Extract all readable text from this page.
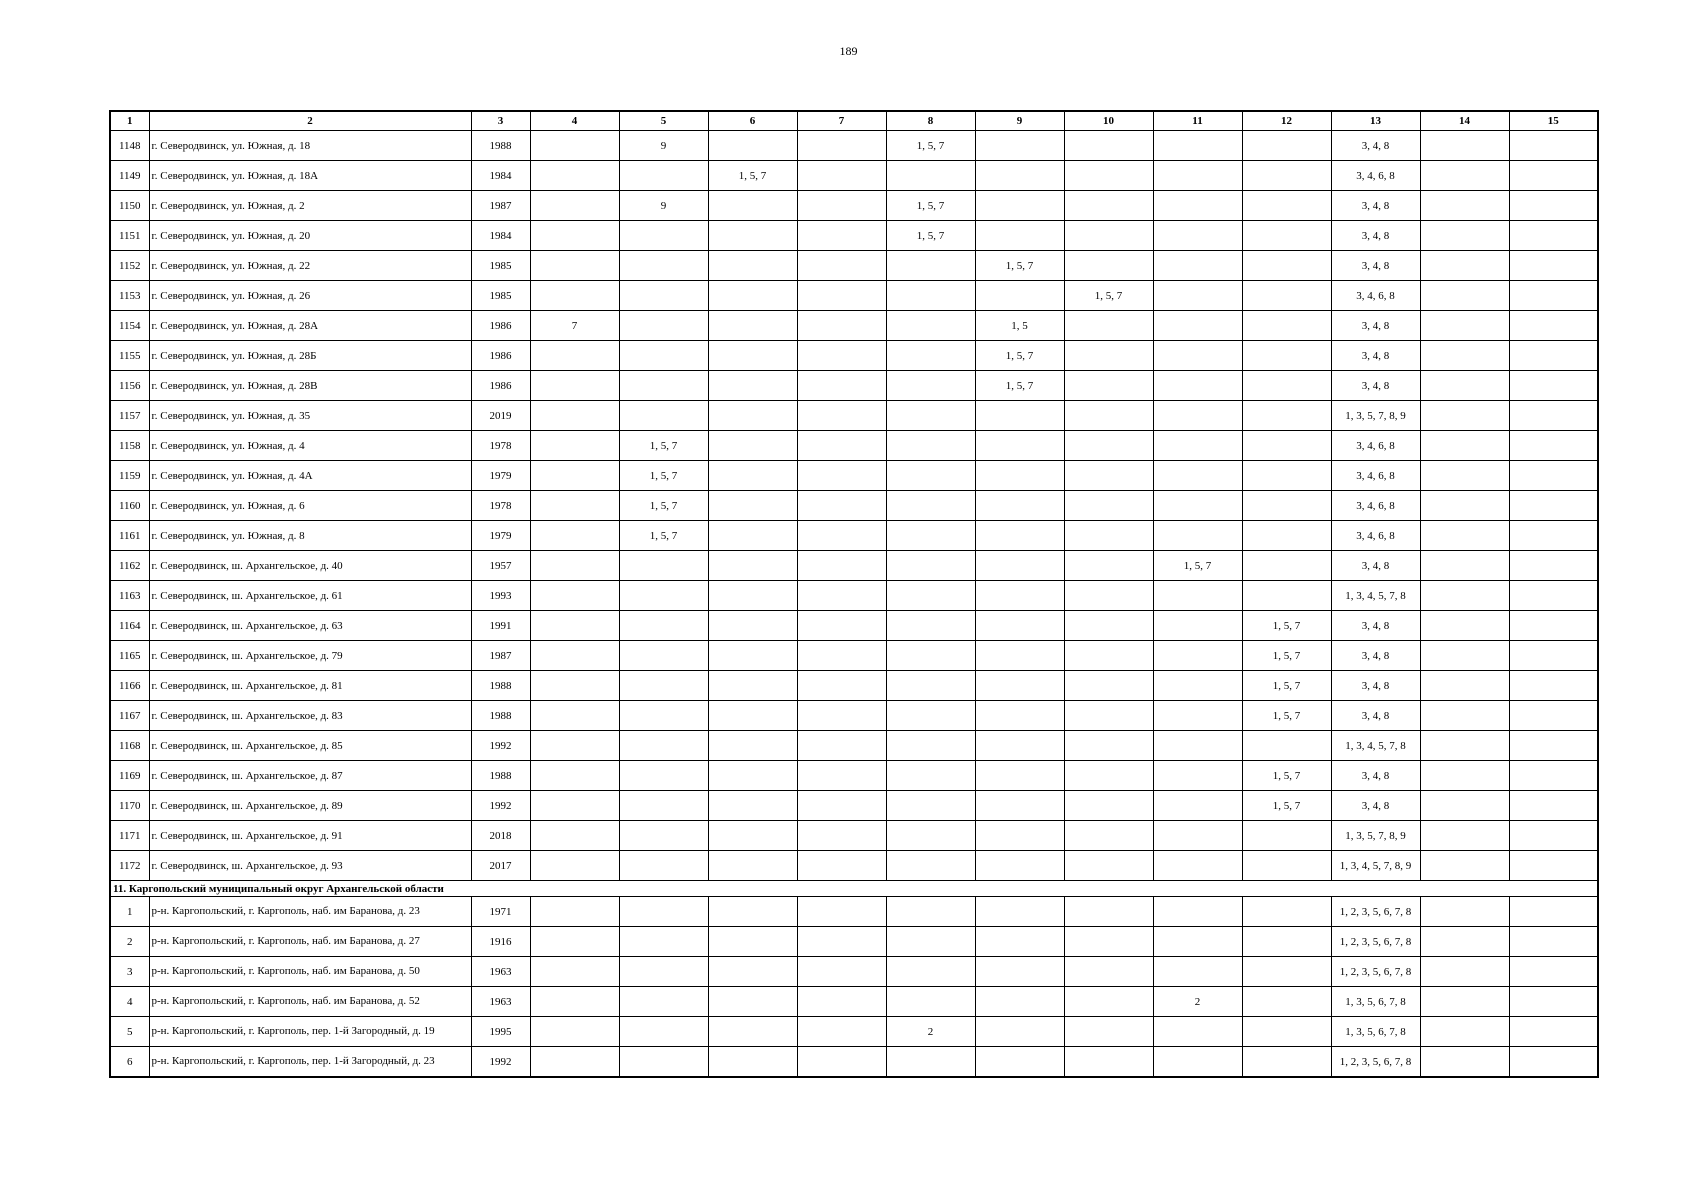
189
1	2	3	4	5	6	7	8	9	10	11	12	13	14	15
1148	г. Северодвинск, ул. Южная, д. 18	1988		9			1, 5, 7					3, 4, 8		
1149	г. Северодвинск, ул. Южная, д. 18А	1984			1, 5, 7							3, 4, 6, 8		
1150	г. Северодвинск, ул. Южная, д. 2	1987		9			1, 5, 7					3, 4, 8		
1151	г. Северодвинск, ул. Южная, д. 20	1984					1, 5, 7					3, 4, 8		
1152	г. Северодвинск, ул. Южная, д. 22	1985						1, 5, 7				3, 4, 8		
1153	г. Северодвинск, ул. Южная, д. 26	1985							1, 5, 7			3, 4, 6, 8		
1154	г. Северодвинск, ул. Южная, д. 28А	1986	7					1, 5				3, 4, 8		
1155	г. Северодвинск, ул. Южная, д. 28Б	1986						1, 5, 7				3, 4, 8		
1156	г. Северодвинск, ул. Южная, д. 28В	1986						1, 5, 7				3, 4, 8		
1157	г. Северодвинск, ул. Южная, д. 35	2019										1, 3, 5, 7, 8, 9		
1158	г. Северодвинск, ул. Южная, д. 4	1978		1, 5, 7								3, 4, 6, 8		
1159	г. Северодвинск, ул. Южная, д. 4А	1979		1, 5, 7								3, 4, 6, 8		
1160	г. Северодвинск, ул. Южная, д. 6	1978		1, 5, 7								3, 4, 6, 8		
1161	г. Северодвинск, ул. Южная, д. 8	1979		1, 5, 7								3, 4, 6, 8		
1162	г. Северодвинск, ш. Архангельское, д. 40	1957								1, 5, 7		3, 4, 8		
1163	г. Северодвинск, ш. Архангельское, д. 61	1993										1, 3, 4, 5, 7, 8		
1164	г. Северодвинск, ш. Архангельское, д. 63	1991									1, 5, 7	3, 4, 8		
1165	г. Северодвинск, ш. Архангельское, д. 79	1987									1, 5, 7	3, 4, 8		
1166	г. Северодвинск, ш. Архангельское, д. 81	1988									1, 5, 7	3, 4, 8		
1167	г. Северодвинск, ш. Архангельское, д. 83	1988									1, 5, 7	3, 4, 8		
1168	г. Северодвинск, ш. Архангельское, д. 85	1992										1, 3, 4, 5, 7, 8		
1169	г. Северодвинск, ш. Архангельское, д. 87	1988									1, 5, 7	3, 4, 8		
1170	г. Северодвинск, ш. Архангельское, д. 89	1992									1, 5, 7	3, 4, 8		
1171	г. Северодвинск, ш. Архангельское, д. 91	2018										1, 3, 5, 7, 8, 9		
1172	г. Северодвинск, ш. Архангельское, д. 93	2017										1, 3, 4, 5, 7, 8, 9		
11. Каргопольский муниципальный округ Архангельской области														
1	р-н. Каргопольский, г. Каргополь, наб. им Баранова, д. 23	1971										1, 2, 3, 5, 6, 7, 8		
2	р-н. Каргопольский, г. Каргополь, наб. им Баранова, д. 27	1916										1, 2, 3, 5, 6, 7, 8		
3	р-н. Каргопольский, г. Каргополь, наб. им Баранова, д. 50	1963										1, 2, 3, 5, 6, 7, 8		
4	р-н. Каргопольский, г. Каргополь, наб. им Баранова, д. 52	1963								2		1, 3, 5, 6, 7, 8		
5	р-н. Каргопольский, г. Каргополь, пер. 1-й Загородный, д. 19	1995					2					1, 3, 5, 6, 7, 8		
6	р-н. Каргопольский, г. Каргополь, пер. 1-й Загородный, д. 23	1992										1, 2, 3, 5, 6, 7, 8		
